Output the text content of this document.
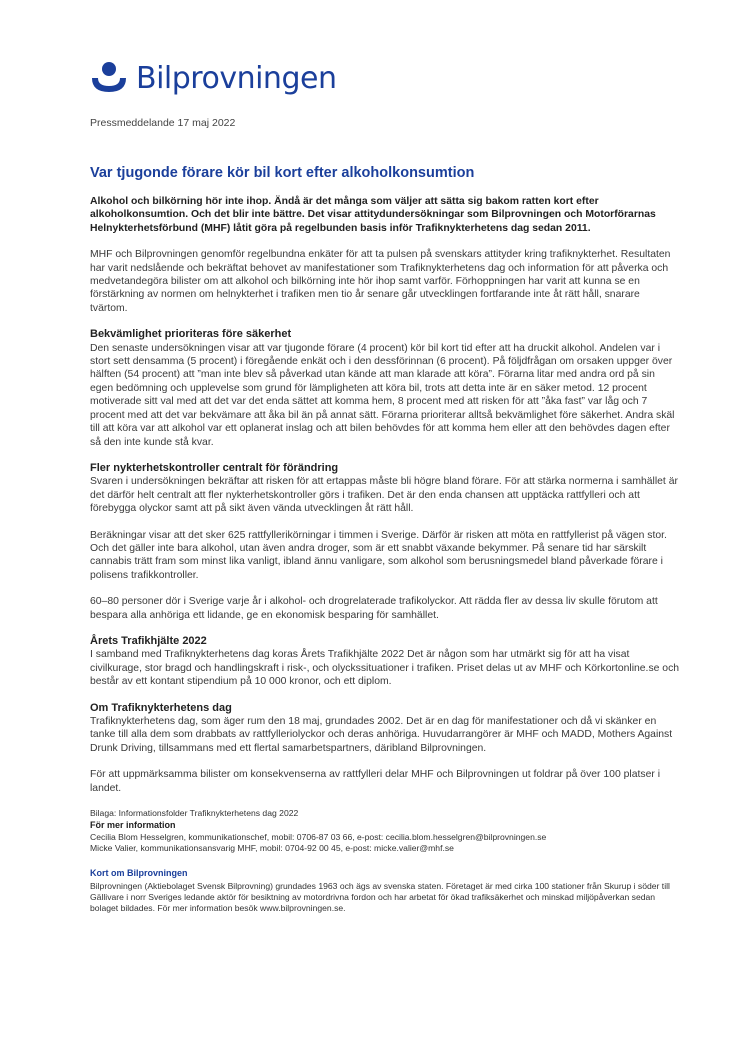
Bilprovningen
Pressmeddelande 17 maj 2022
Var tjugonde förare kör bil kort efter alkoholkonsumtion

Alkohol och bilkörning hör inte ihop. Ändå är det många som väljer att sätta sig bakom ratten kort efter alkoholkonsumtion. Och det blir inte bättre. Det visar attitydundersökningar som Bilprovningen och Motorförarnas Helnykterhetsförbund (MHF) låtit göra på regelbunden basis inför Trafiknykterhetens dag sedan 2011.

MHF och Bilprovningen genomför regelbundna enkäter för att ta pulsen på svenskars attityder kring trafiknykterhet. Resultaten har varit nedslående och bekräftat behovet av manifestationer som Trafiknykterhetens dag och information för att påverka och medvetandegöra bilister om att alkohol och bilkörning inte hör ihop samt varför. Förhoppningen har varit att kunna se en förstärkning av normen om helnykterhet i trafiken men tio år senare går utvecklingen fortfarande inte åt rätt håll, snarare tvärtom.

Bekvämlighet prioriteras före säkerhet

Den senaste undersökningen visar att var tjugonde förare (4 procent) kör bil kort tid efter att ha druckit alkohol. Andelen var i stort sett densamma (5 procent) i föregående enkät och i den dessförinnan (6 procent). På följdfrågan om orsaken uppger över hälften (54 procent) att ”man inte blev så påverkad utan kände att man klarade att köra”. Förarna litar med andra ord på sin egen bedömning och upplevelse som grund för lämpligheten att köra bil, trots att detta inte är en säker metod. 12 procent motiverade sitt val med att det var det enda sättet att komma hem, 8 procent med att risken för att ”åka fast” var låg och 7 procent med att det var bekvämare att åka bil än på annat sätt. Förarna prioriterar alltså bekvämlighet före säkerhet. Andra skäl till att köra var att alkohol var ett oplanerat inslag och att bilen behövdes för att komma hem eller att den behövdes dagen efter så den inte kunde stå kvar.

Fler nykterhetskontroller centralt för förändring

Svaren i undersökningen bekräftar att risken för att ertappas måste bli högre bland förare. För att stärka normerna i samhället är det därför helt centralt att fler nykterhetskontroller görs i trafiken. Det är den enda chansen att upptäcka rattfylleri och att förebygga olyckor samt att på sikt även vända utvecklingen åt rätt håll.

Beräkningar visar att det sker 625 rattfyllerikörningar i timmen i Sverige. Därför är risken att möta en rattfyllerist på vägen stor. Och det gäller inte bara alkohol, utan även andra droger, som är ett snabbt växande bekymmer. På senare tid har särskilt cannabis trätt fram som minst lika vanligt, ibland ännu vanligare, som alkohol som berusningsmedel bland påverkade förare i polisens trafikkontroller.

60–80 personer dör i Sverige varje år i alkohol- och drogrelaterade trafikolyckor. Att rädda fler av dessa liv skulle förutom att bespara alla anhöriga ett lidande, ge en ekonomisk besparing för samhället.

Årets Trafikhjälte 2022

I samband med Trafiknykterhetens dag koras Årets Trafikhjälte 2022 Det är någon som har utmärkt sig för att ha visat civilkurage, stor bragd och handlingskraft i risk-, och olyckssituationer i trafiken. Priset delas ut av MHF och Körkortonline.se och består av ett kontant stipendium på 10 000 kronor, och ett diplom.

Om Trafiknykterhetens dag

Trafiknykterhetens dag, som äger rum den 18 maj, grundades 2002. Det är en dag för manifestationer och då vi skänker en tanke till alla dem som drabbats av rattfylleriolyckor och deras anhöriga. Huvudarrangörer är MHF och MADD, Mothers Against Drunk Driving, tillsammans med ett flertal samarbetspartners, däribland Bilprovningen.

För att uppmärksamma bilister om konsekvenserna av rattfylleri delar MHF och Bilprovningen ut foldrar på över 100 platser i landet.

Bilaga: Informationsfolder Trafiknykterhetens dag 2022

För mer information

Cecilia Blom Hesselgren, kommunikationschef, mobil: 0706-87 03 66, e-post: cecilia.blom.hesselgren@bilprovningen.se

Micke Valier, kommunikationsansvarig MHF, mobil: 0704-92 00 45, e-post: micke.valier@mhf.se

Kort om Bilprovningen

Bilprovningen (Aktiebolaget Svensk Bilprovning) grundades 1963 och ägs av svenska staten. Företaget är med cirka 100 stationer från Skurup i söder till Gällivare i norr Sveriges ledande aktör för besiktning av motordrivna fordon och har arbetat för ökad trafiksäkerhet och minskad miljöpåverkan sedan bolaget bildades. För mer information besök www.bilprovningen.se.
